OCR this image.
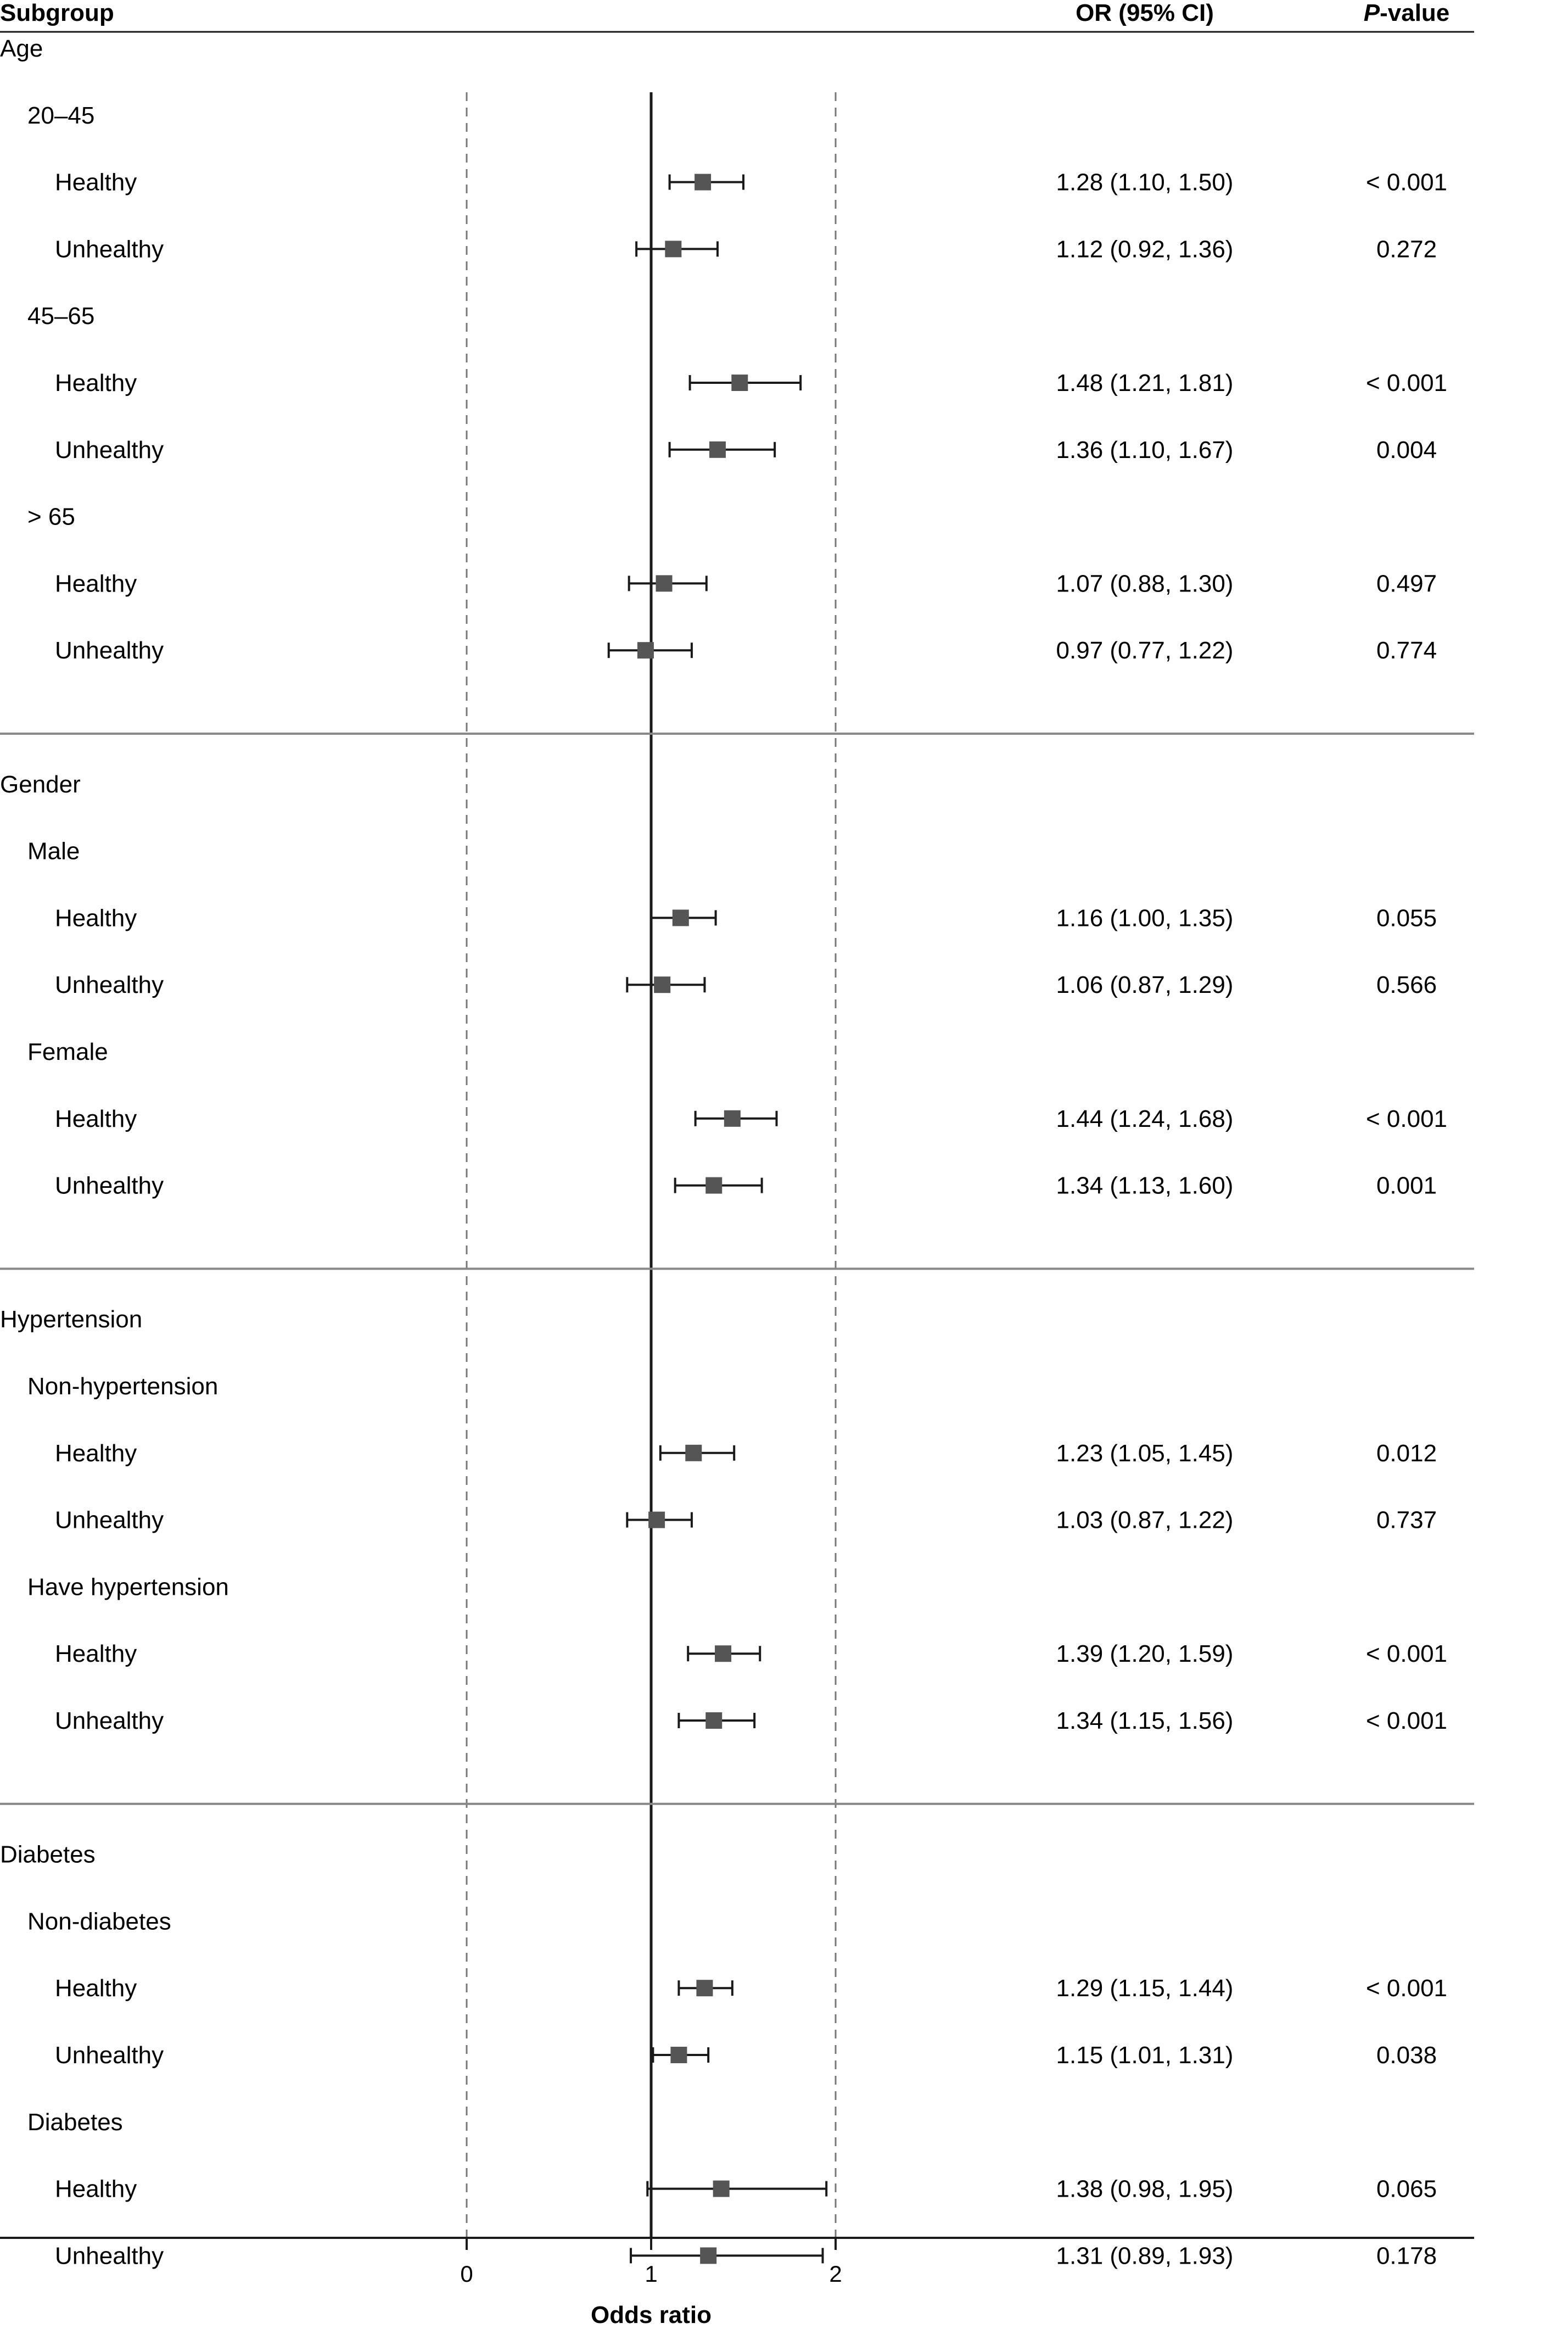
Subgroup	OR (95% CI)	P-value
Age
20–45
Healthy	1.28 (1.10, 1.50)	< 0.001
Unhealthy	1.12 (0.92, 1.36)	0.272
45–65
Healthy	1.48 (1.21, 1.81)	< 0.001
Unhealthy	1.36 (1.10, 1.67)	0.004
> 65
Healthy	1.07 (0.88, 1.30)	0.497
Unhealthy	0.97 (0.77, 1.22)	0.774
Gender
Male
Healthy	1.16 (1.00, 1.35)	0.055
Unhealthy	1.06 (0.87, 1.29)	0.566
Female
Healthy	1.44 (1.24, 1.68)	< 0.001
Unhealthy	1.34 (1.13, 1.60)	0.001
Hypertension
Non-hypertension
Healthy	1.23 (1.05, 1.45)	0.012
Unhealthy	1.03 (0.87, 1.22)	0.737
Have hypertension
Healthy	1.39 (1.20, 1.59)	< 0.001
Unhealthy	1.34 (1.15, 1.56)	< 0.001
Diabetes
Non-diabetes
Healthy	1.29 (1.15, 1.44)	< 0.001
Unhealthy	1.15 (1.01, 1.31)	0.038
Diabetes
Healthy	1.38 (0.98, 1.95)	0.065
Unhealthy	1.31 (0.89, 1.93)	0.178
0	1	2
Odds ratio
